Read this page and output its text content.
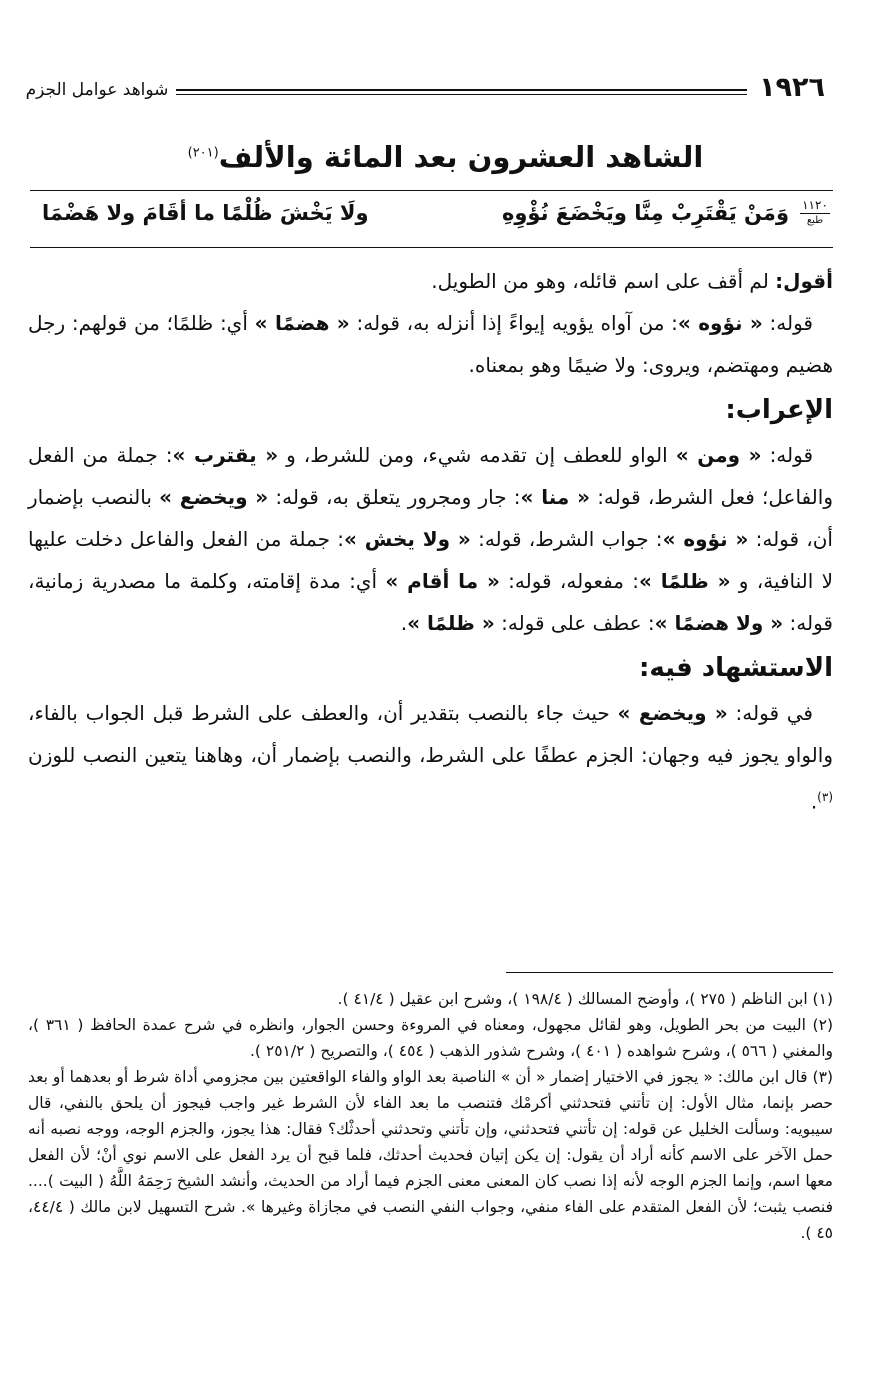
١٩٢٦
شواهد عوامل الجزم
الشاهد العشرون بعد المائة والألف$^{(٢٠١)}$
١١٢٠
طبع
وَمَنْ يَقْتَرِبْ مِنَّا ويَخْضَعَ نُؤْوِهِ
ولَا يَخْشَ ظُلْمًا ما أقَامَ ولا هَضْمَا

أقول: لم أقف على اسم قائله، وهو من الطويل.

قوله: « نؤوه »: من آواه يؤويه إيواءً إذا أنزله به، قوله: « هضمًا » أي: ظلمًا؛ من قولهم: رجل هضيم ومهتضم، ويروى: ولا ضيمًا وهو بمعناه.

الإعراب:

قوله: « ومن » الواو للعطف إن تقدمه شيء، ومن للشرط، و « يقترب »: جملة من الفعل والفاعل؛ فعل الشرط، قوله: « منا »: جار ومجرور يتعلق به، قوله: « ويخضع » بالنصب بإضمار أن، قوله: « نؤوه »: جواب الشرط، قوله: « ولا يخش »: جملة من الفعل والفاعل دخلت عليها لا النافية، و « ظلمًا »: مفعوله، قوله: « ما أقام » أي: مدة إقامته، وكلمة ما مصدرية زمانية، قوله: « ولا هضمًا »: عطف على قوله: « ظلمًا ».

الاستشهاد فيه:

في قوله: « ويخضع » حيث جاء بالنصب بتقدير أن، والعطف على الشرط قبل الجواب بالفاء، والواو يجوز فيه وجهان: الجزم عطفًا على الشرط، والنصب بإضمار أن، وهاهنا يتعين النصب للوزن $^{(٣)}$.

(١) ابن الناظم ( ٢٧٥ )، وأوضح المسالك ( ١٩٨/٤ )، وشرح ابن عقيل ( ٤١/٤ ).

(٢) البيت من بحر الطويل، وهو لقائل مجهول، ومعناه في المروءة وحسن الجوار، وانظره في شرح عمدة الحافظ ( ٣٦١ )، والمغني ( ٥٦٦ )، وشرح شواهده ( ٤٠١ )، وشرح شذور الذهب ( ٤٥٤ )، والتصريح ( ٢٥١/٢ ).

(٣) قال ابن مالك: « يجوز في الاختيار إضمار « أن » الناصبة بعد الواو والفاء الواقعتين بين مجزومي أداة شرط أو بعدهما أو بعد حصر بإنما، مثال الأول: إن تأتني فتحدثني أكرمْك فتنصب ما بعد الفاء لأن الشرط غير واجب فيجوز أن يلحق بالنفي، قال سيبويه: وسألت الخليل عن قوله: إن تأتني فتحدثني، وإن تأتني وتحدثني أحدثْك؟ فقال: هذا يجوز، والجزم الوجه، ووجه نصبه أنه حمل الآخر على الاسم كأنه أراد أن يقول: إن يكن إتيان فحديث أحدثك، فلما قبح أن يرد الفعل على الاسم نوي أنْ؛ لأن الفعل معها اسم، وإنما الجزم الوجه لأنه إذا نصب كان المعنى معنى الجزم فيما أراد من الحديث، وأنشد الشيخ رَحِمَهُ اللَّهُ ( البيت ).... فنصب يثبت؛ لأن الفعل المتقدم على الفاء منفي، وجواب النفي النصب في مجازاة وغيرها ». شرح التسهيل لابن مالك ( ٤٤/٤، ٤٥ ).
